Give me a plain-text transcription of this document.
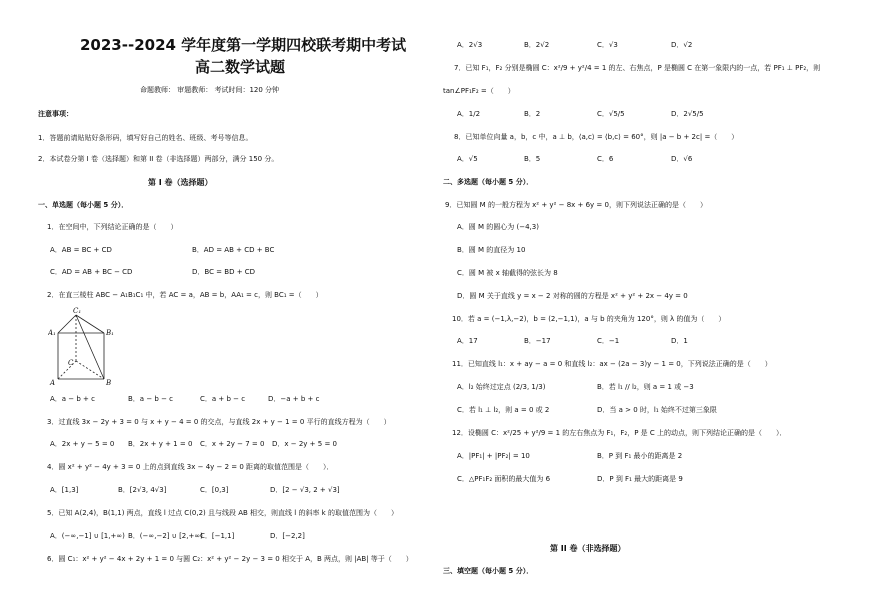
2023--2024 学年度第一学期四校联考期中考试
高二数学试题
命题教师： 审题教师： 考试时间：120 分钟
注意事项：
1．答题前请贴贴好条形码，填写好自己的姓名、班级、考号等信息。
2．本试卷分第 I 卷（选择题）和第 II 卷（非选择题）两部分，满分 150 分。
第 I 卷（选择题）
一、单选题（每小题 5 分）．
1．在空间中，下列结论正确的是（　　）
A．AB = BC + CD	B．AD = AB + CD + BC
C．AD = AB + BC − CD	D．BC = BD + CD
2．在直三棱柱 ABC − A₁B₁C₁ 中，若 AC = a，AB = b，AA₁ = c，则 BC₁ =（　　）
C₁
A₁	B₁
C
A	B
A．a − b + c	B．a − b − c	C．a + b − c	D．−a + b + c
3．过直线 3x − 2y + 3 = 0 与 x + y − 4 = 0 的交点，与直线 2x + y − 1 = 0 平行的直线方程为（　　）
A．2x + y − 5 = 0 B．2x + y + 1 = 0 C．x + 2y − 7 = 0 D．x − 2y + 5 = 0
4．圆 x² + y² − 4y + 3 = 0 上的点到直线 3x − 4y − 2 = 0 距离的取值范围是（　　）．
A．[1,3]	B．[2√3, 4√3]	C．[0,3]	D．[2 − √3, 2 + √3]
5．已知 A(2,4)，B(1,1) 两点，直线 l 过点 C(0,2) 且与线段 AB 相交，则直线 l 的斜率 k 的取值范围为（　　）
A．(−∞,−1] ∪ [1,+∞) B．(−∞,−2] ∪ [2,+∞)
C．[−1,1]	D．[−2,2]
6．圆 C₁：x² + y² − 4x + 2y + 1 = 0 与圆 C₂：x² + y² − 2y − 3 = 0 相交于 A，B 两点，则 |AB| 等于（　　）
A．2√3	B．2√2	C．√3	D．√2
7．已知 F₁，F₂ 分别是椭圆 C：x²/9 + y²/4 = 1 的左、右焦点，P 是椭圆 C 在第一象限内的一点，若 PF₁ ⊥ PF₂，则
tan∠PF₁F₂ =（　　）
A．1/2	B．2	C．√5/5	D．2√5/5
8．已知单位向量 a，b，c 中，a ⊥ b，⟨a,c⟩ = ⟨b,c⟩ = 60°，则 |a − b + 2c| =（　　）
A．√5	B．5	C．6	D．√6
二、多选题（每小题 5 分）．
9．已知圆 M 的一般方程为 x² + y² − 8x + 6y = 0，则下列说法正确的是（　　）
A．圆 M 的圆心为 (−4,3)
B．圆 M 的直径为 10
C．圆 M 被 x 轴截得的弦长为 8
D．圆 M 关于直线 y = x − 2 对称的圆的方程是 x² + y² + 2x − 4y = 0
10．若 a = (−1,λ,−2)，b = (2,−1,1)，a 与 b 的夹角为 120°，则 λ 的值为（　　）
A．17	B．−17	C．−1	D．1
11．已知直线 l₁：x + ay − a = 0 和直线 l₂：ax − (2a − 3)y − 1 = 0，下列说法正确的是（　　）
A．l₂ 始终过定点 (2/3, 1/3)	B．若 l₁ // l₂，则 a = 1 或 −3
C．若 l₁ ⊥ l₂，则 a = 0 或 2	D．当 a > 0 时，l₁ 始终不过第三象限
12．设椭圆 C：x²/25 + y²/9 = 1 的左右焦点为 F₁，F₂，P 是 C 上的动点，则下列结论正确的是（　　）．
A．|PF₁| + |PF₂| = 10	B．P 到 F₁ 最小的距离是 2
C．△PF₁F₂ 面积的最大值为 6	D．P 到 F₁ 最大的距离是 9
第 II 卷（非选择题）
三、填空题（每小题 5 分）．
